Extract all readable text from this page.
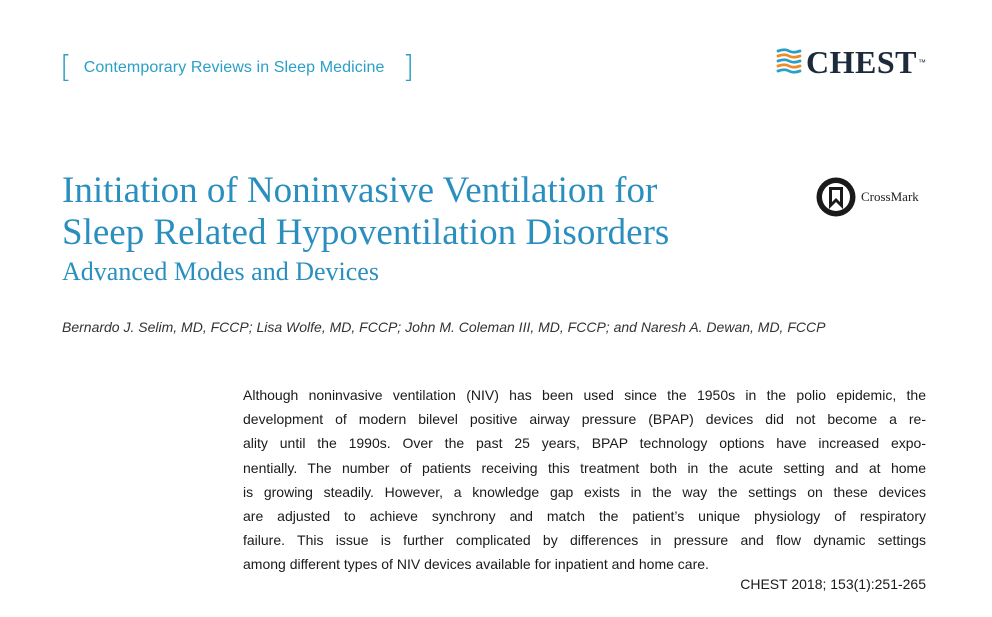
[ Contemporary Reviews in Sleep Medicine ]	CHEST ™
Initiation of Noninvasive Ventilation for
Sleep Related Hypoventilation Disorders
Advanced Modes and Devices
CrossMark
Bernardo J. Selim, MD, FCCP; Lisa Wolfe, MD, FCCP; John M. Coleman III, MD, FCCP; and Naresh A. Dewan, MD, FCCP
Although noninvasive ventilation (NIV) has been used since the 1950s in the polio epidemic, the
development of modern bilevel positive airway pressure (BPAP) devices did not become a re-
ality until the 1990s. Over the past 25 years, BPAP technology options have increased expo-
nentially. The number of patients receiving this treatment both in the acute setting and at home
is growing steadily. However, a knowledge gap exists in the way the settings on these devices
are adjusted to achieve synchrony and match the patient’s unique physiology of respiratory
failure. This issue is further complicated by differences in pressure and flow dynamic settings
among different types of NIV devices available for inpatient and home care.
CHEST 2018; 153(1):251-265
